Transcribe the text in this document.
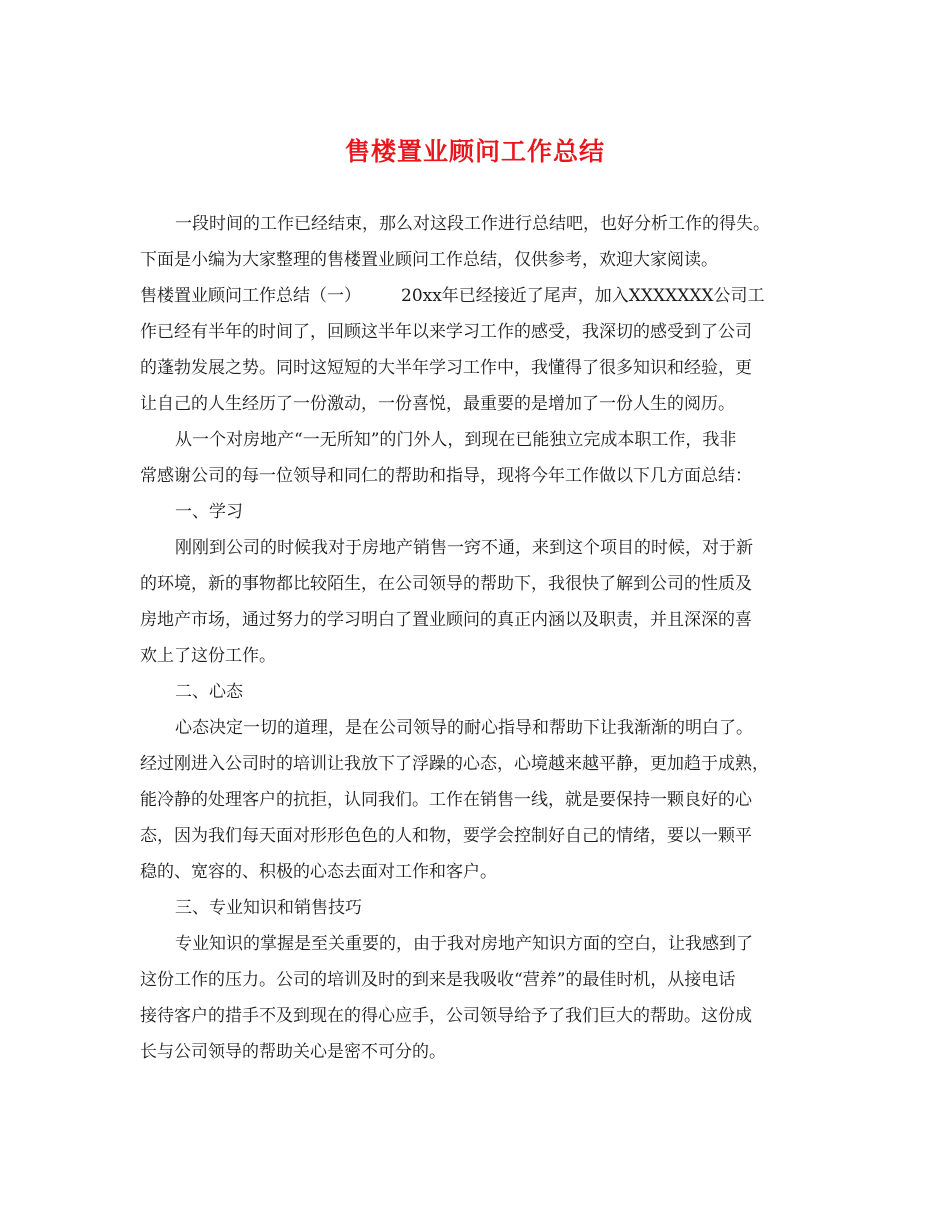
售楼置业顾问工作总结
一段时间的工作已经结束，那么对这段工作进行总结吧，也好分析工作的得失。
下面是小编为大家整理的售楼置业顾问工作总结，仅供参考，欢迎大家阅读。
售楼置业顾问工作总结（一） 20xx年已经接近了尾声，加入XXXXXXX公司工
作已经有半年的时间了，回顾这半年以来学习工作的感受，我深切的感受到了公司
的蓬勃发展之势。同时这短短的大半年学习工作中，我懂得了很多知识和经验，更
让自己的人生经历了一份激动，一份喜悦，最重要的是增加了一份人生的阅历。
从一个对房地产“一无所知”的门外人，到现在已能独立完成本职工作，我非
常感谢公司的每一位领导和同仁的帮助和指导，现将今年工作做以下几方面总结：
一、学习
刚刚到公司的时候我对于房地产销售一窍不通，来到这个项目的时候，对于新
的环境，新的事物都比较陌生，在公司领导的帮助下，我很快了解到公司的性质及
房地产市场，通过努力的学习明白了置业顾问的真正内涵以及职责，并且深深的喜
欢上了这份工作。
二、心态
心态决定一切的道理，是在公司领导的耐心指导和帮助下让我渐渐的明白了。
经过刚进入公司时的培训让我放下了浮躁的心态，心境越来越平静，更加趋于成熟，
能冷静的处理客户的抗拒，认同我们。工作在销售一线，就是要保持一颗良好的心
态，因为我们每天面对形形色色的人和物，要学会控制好自己的情绪，要以一颗平
稳的、宽容的、积极的心态去面对工作和客户。
三、专业知识和销售技巧
专业知识的掌握是至关重要的，由于我对房地产知识方面的空白，让我感到了
这份工作的压力。公司的培训及时的到来是我吸收“营养”的最佳时机，从接电话
接待客户的措手不及到现在的得心应手，公司领导给予了我们巨大的帮助。这份成
长与公司领导的帮助关心是密不可分的。
